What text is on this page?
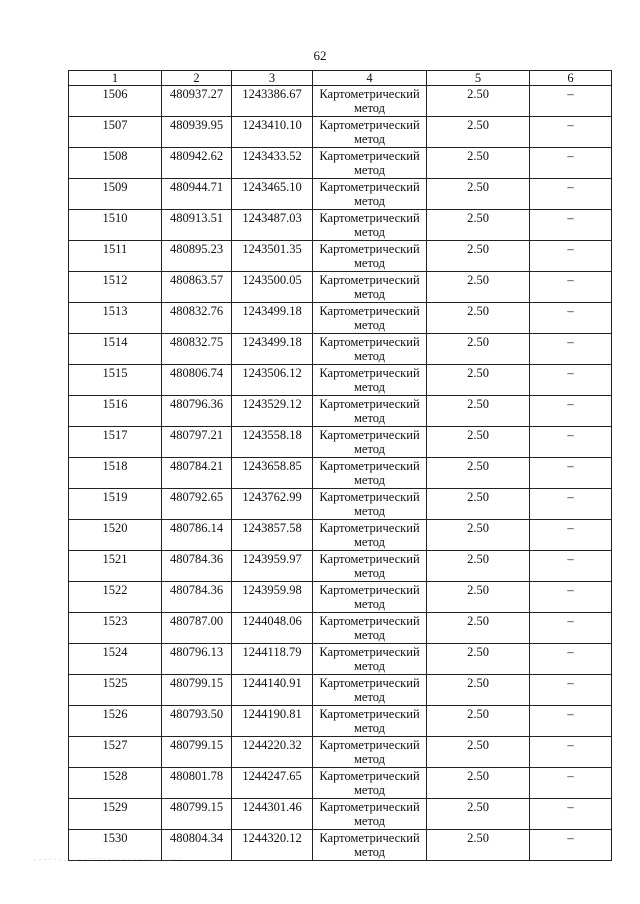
62
1	2	3	4	5	6
1506	480937.27	1243386.67	Картометрический метод	2.50	–
1507	480939.95	1243410.10	Картометрический метод	2.50	–
1508	480942.62	1243433.52	Картометрический метод	2.50	–
1509	480944.71	1243465.10	Картометрический метод	2.50	–
1510	480913.51	1243487.03	Картометрический метод	2.50	–
1511	480895.23	1243501.35	Картометрический метод	2.50	–
1512	480863.57	1243500.05	Картометрический метод	2.50	–
1513	480832.76	1243499.18	Картометрический метод	2.50	–
1514	480832.75	1243499.18	Картометрический метод	2.50	–
1515	480806.74	1243506.12	Картометрический метод	2.50	–
1516	480796.36	1243529.12	Картометрический метод	2.50	–
1517	480797.21	1243558.18	Картометрический метод	2.50	–
1518	480784.21	1243658.85	Картометрический метод	2.50	–
1519	480792.65	1243762.99	Картометрический метод	2.50	–
1520	480786.14	1243857.58	Картометрический метод	2.50	–
1521	480784.36	1243959.97	Картометрический метод	2.50	–
1522	480784.36	1243959.98	Картометрический метод	2.50	–
1523	480787.00	1244048.06	Картометрический метод	2.50	–
1524	480796.13	1244118.79	Картометрический метод	2.50	–
1525	480799.15	1244140.91	Картометрический метод	2.50	–
1526	480793.50	1244190.81	Картометрический метод	2.50	–
1527	480799.15	1244220.32	Картометрический метод	2.50	–
1528	480801.78	1244247.65	Картометрический метод	2.50	–
1529	480799.15	1244301.46	Картометрический метод	2.50	–
1530	480804.34	1244320.12	Картометрический метод	2.50	–
